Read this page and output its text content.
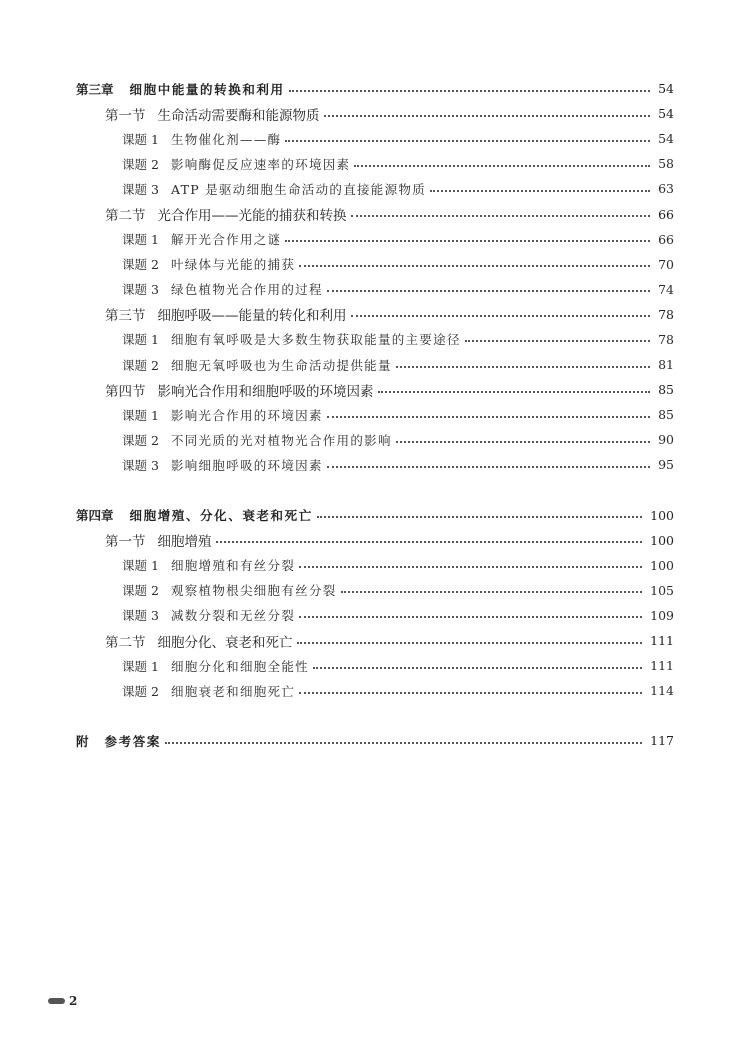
第三章 细胞中能量的转换和利用	54
第一节 生命活动需要酶和能源物质	54
课题 1 生物催化剂——酶	54
课题 2 影响酶促反应速率的环境因素	58
课题 3 ATP 是驱动细胞生命活动的直接能源物质	63
第二节 光合作用——光能的捕获和转换	66
课题 1 解开光合作用之谜	66
课题 2 叶绿体与光能的捕获	70
课题 3 绿色植物光合作用的过程	74
第三节 细胞呼吸——能量的转化和利用	78
课题 1 细胞有氧呼吸是大多数生物获取能量的主要途径	78
课题 2 细胞无氧呼吸也为生命活动提供能量	81
第四节 影响光合作用和细胞呼吸的环境因素	85
课题 1 影响光合作用的环境因素	85
课题 2 不同光质的光对植物光合作用的影响	90
课题 3 影响细胞呼吸的环境因素	95
第四章 细胞增殖、分化、衰老和死亡	100
第一节 细胞增殖	100
课题 1 细胞增殖和有丝分裂	100
课题 2 观察植物根尖细胞有丝分裂	105
课题 3 减数分裂和无丝分裂	109
第二节 细胞分化、衰老和死亡	111
课题 1 细胞分化和细胞全能性	111
课题 2 细胞衰老和细胞死亡	114
附 参考答案	117
2
